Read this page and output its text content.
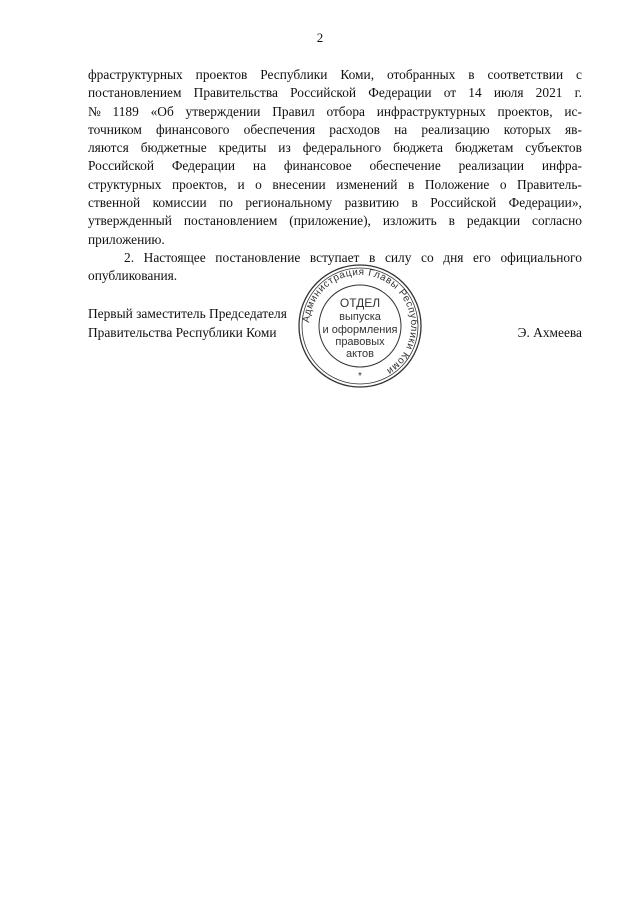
2
фраструктурных проектов Республики Коми, отобранных в соответствии с
постановлением Правительства Российской Федерации от 14 июля 2021 г.
№ 1189 «Об утверждении Правил отбора инфраструктурных проектов, ис-
точником финансового обеспечения расходов на реализацию которых яв-
ляются бюджетные кредиты из федерального бюджета бюджетам субъектов
Российской Федерации на финансовое обеспечение реализации инфра-
структурных проектов, и о внесении изменений в Положение о Правитель-
ственной комиссии по региональному развитию в Российской Федерации»,
утвержденный постановлением (приложение), изложить в редакции согласно
приложению.
2. Настоящее постановление вступает в силу со дня его официального
опубликования.
Первый заместитель Председателя
Правительства Республики Коми	Э. Ахмеева
Администрация Главы Республики Коми
ОТДЕЛ
выпуска
и оформления
правовых
актов
*
